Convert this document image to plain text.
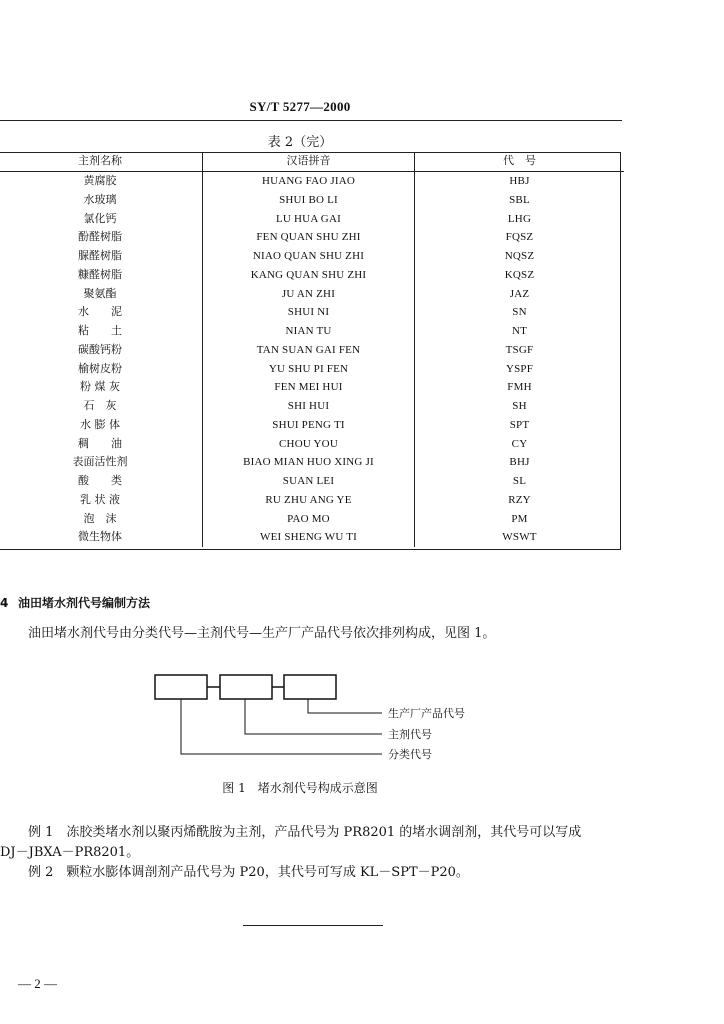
SY/T 5277—2000
表 2（完）
主剂名称	汉语拼音	代　号
黄腐胶	HUANG FAO JIAO	HBJ
水玻璃	SHUI BO LI	SBL
氯化钙	LU HUA GAI	LHG
酚醛树脂	FEN QUAN SHU ZHI	FQSZ
脲醛树脂	NIAO QUAN SHU ZHI	NQSZ
糠醛树脂	KANG QUAN SHU ZHI	KQSZ
聚氨酯	JU AN ZHI	JAZ
水　　泥	SHUI NI	SN
粘　　土	NIAN TU	NT
碳酸钙粉	TAN SUAN GAI FEN	TSGF
榆树皮粉	YU SHU PI FEN	YSPF
粉 煤 灰	FEN MEI HUI	FMH
石　灰	SHI HUI	SH
水 膨 体	SHUI PENG TI	SPT
稠　　油	CHOU YOU	CY
表面活性剂	BIAO MIAN HUO XING JI	BHJ
酸　　类	SUAN LEI	SL
乳 状 液	RU ZHU ANG YE	RZY
泡　沫	PAO MO	PM
微生物体	WEI SHENG WU TI	WSWT
4 油田堵水剂代号编制方法
油田堵水剂代号由分类代号—主剂代号—生产厂产品代号依次排列构成，见图 1。
生产厂产品代号
主剂代号
分类代号
图 1　堵水剂代号构成示意图
例 1　冻胶类堵水剂以聚丙烯酰胺为主剂，产品代号为 PR8201 的堵水调剖剂，其代号可以写成
DJ－JBXA－PR8201。
例 2　颗粒水膨体调剖剂产品代号为 P20，其代号可写成 KL－SPT－P20。
— 2 —
